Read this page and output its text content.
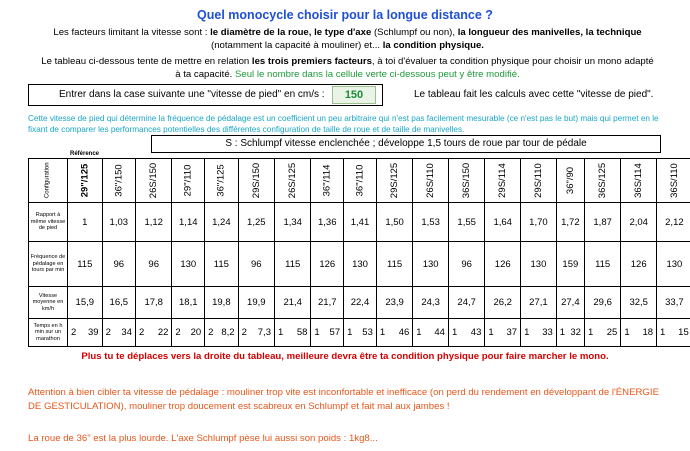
Quel monocycle choisir pour la longue distance ?
Les facteurs limitant la vitesse sont : le diamètre de la roue, le type d'axe (Schlumpf ou non), la longueur des manivelles, la technique
(notamment la capacité à mouliner) et... la condition physique.
Le tableau ci-dessous tente de mettre en relation les trois premiers facteurs, à toi d'évaluer ta condition physique pour choisir un mono adapté à ta capacité. Seul le nombre dans la cellule verte ci-dessous peut y être modifié.
Entrer dans la case suivante une "vitesse de pied" en cm/s :	150	Le tableau fait les calculs avec cette "vitesse de pied".
Cette vitesse de pied qui détermine la fréquence de pédalage est un coefficient un peu arbitraire qui n'est pas facilement mesurable (ce n'est pas le but) mais qui permet en le fixant de comparer les performances potentielles des différentes configuration de taille de roue et de taille de manivelles.
S : Schlumpf vitesse enclenchée ; développe 1,5 tours de roue par tour de pédale
Référence
Configuration	29"/125	36"/150	26S/150	29"/110	36"/125	29S/150	26S/125	36"/114	36"/110	29S/125	26S/110	36S/150	29S/114	29S/110	36"/90	36S/125	36S/114	36S/110
Rapport à même vitesse de pied	1	1,03	1,12	1,14	1,24	1,25	1,34	1,36	1,41	1,50	1,53	1,55	1,64	1,70	1,72	1,87	2,04	2,12
Fréquence de pédalage en tours par min	115	96	96	130	115	96	115	126	130	115	130	96	126	130	159	115	126	130
Vitesse moyenne en km/h	15,9	16,5	17,8	18,1	19,8	19,9	21,4	21,7	22,4	23,9	24,3	24,7	26,2	27,1	27,4	29,6	32,5	33,7
Temps en h min sur un marathon	2 39	2 34	2 22	2 20	2 8,2	2 7,3	1 58	1 57	1 53	1 46	1 44	1 43	1 37	1 33	1 32	1 25	1 18	1 15
Plus tu te déplaces vers la droite du tableau, meilleure devra être ta condition physique pour faire marcher le mono.
Attention à bien cibler ta vitesse de pédalage : mouliner trop vite est inconfortable et inefficace (on perd du rendement en développant de l'ÉNERGIE DE GESTICULATION), mouliner trop doucement est scabreux en Schlumpf et fait mal aux jambes !
La roue de 36" est la plus lourde. L'axe Schlumpf pèse lui aussi son poids : 1kg8...
